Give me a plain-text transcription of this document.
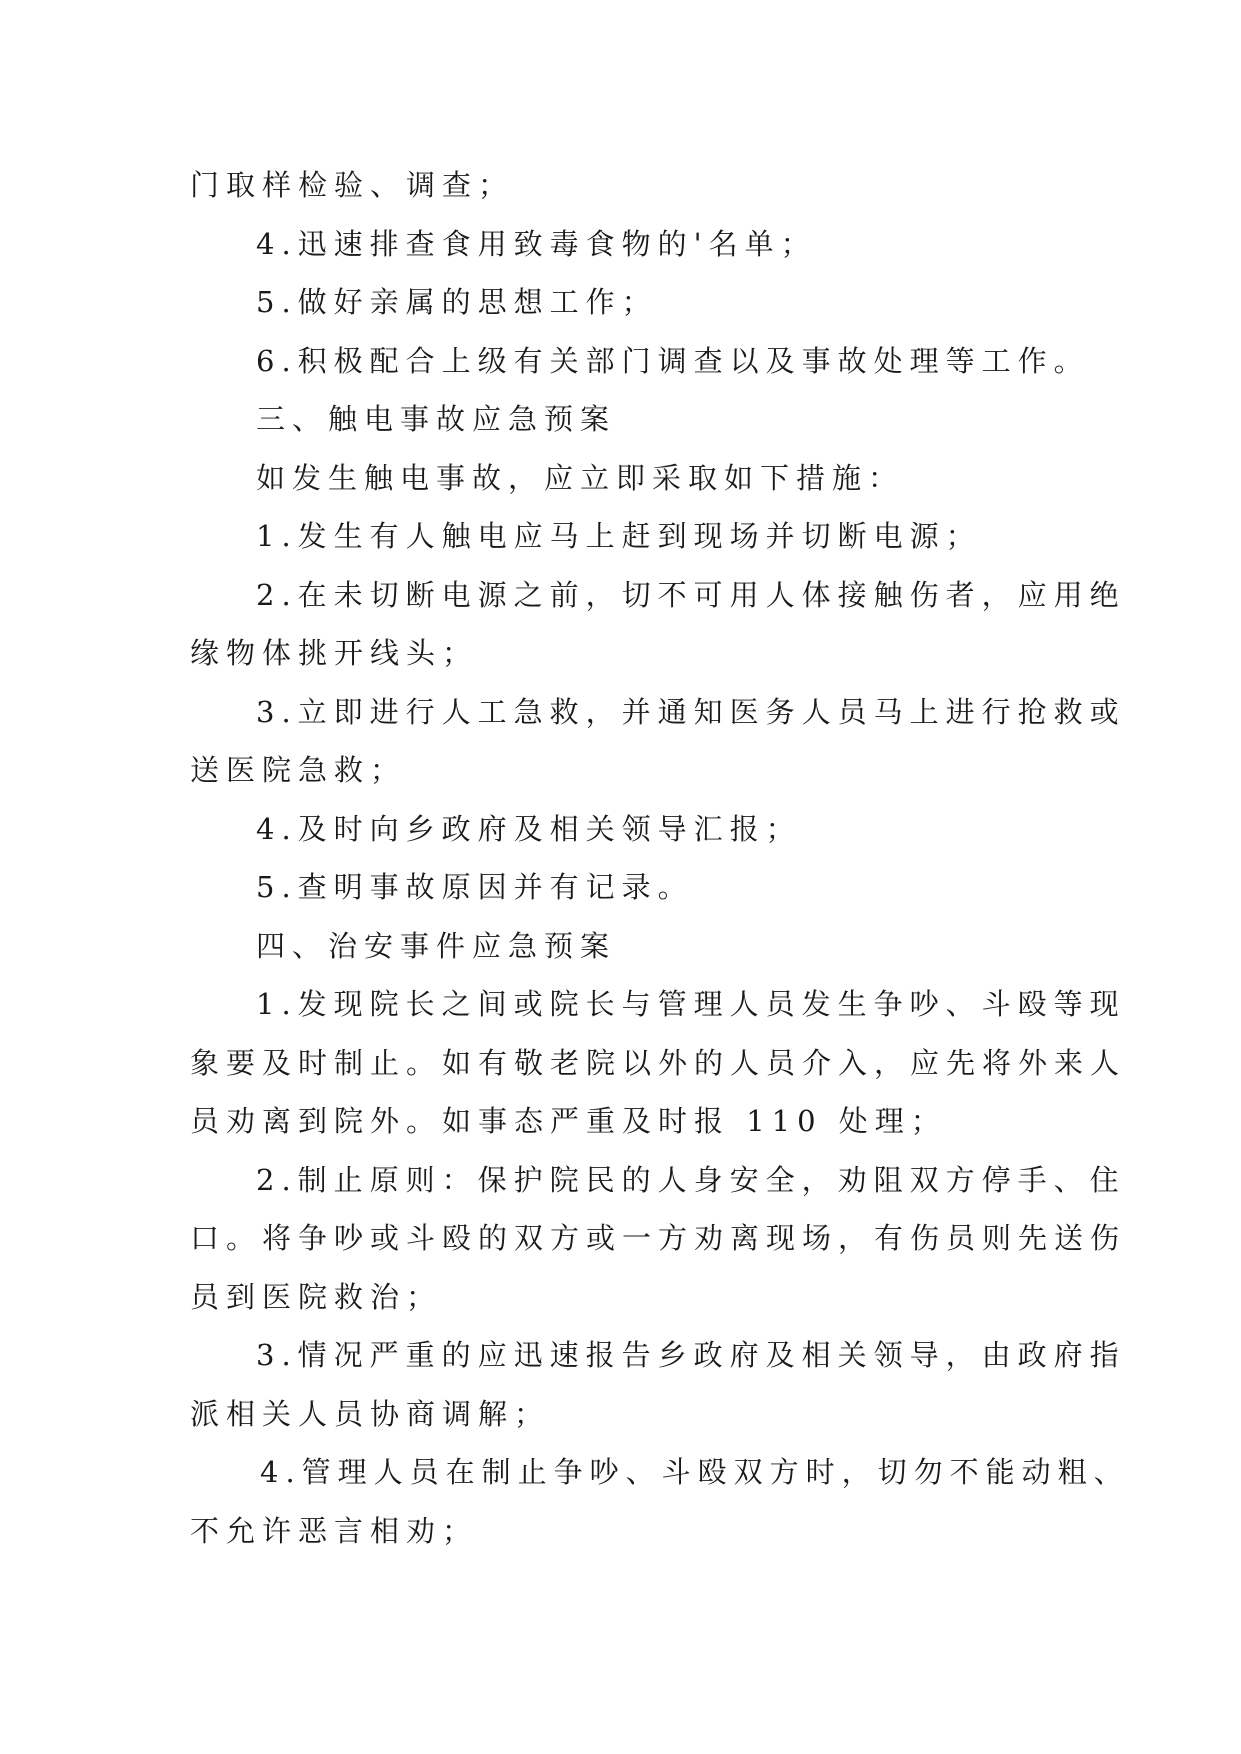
门取样检验、调查；
4.迅速排查食用致毒食物的'名单；
5.做好亲属的思想工作；
6.积极配合上级有关部门调查以及事故处理等工作。
三、触电事故应急预案
如发生触电事故，应立即采取如下措施：
1.发生有人触电应马上赶到现场并切断电源；
2.在未切断电源之前，切不可用人体接触伤者，应用绝
缘物体挑开线头；
3.立即进行人工急救，并通知医务人员马上进行抢救或
送医院急救；
4.及时向乡政府及相关领导汇报；
5.查明事故原因并有记录。
四、治安事件应急预案
1.发现院长之间或院长与管理人员发生争吵、斗殴等现
象要及时制止。如有敬老院以外的人员介入，应先将外来人
员劝离到院外。如事态严重及时报 110 处理；
2.制止原则：保护院民的人身安全，劝阻双方停手、住
口。将争吵或斗殴的双方或一方劝离现场，有伤员则先送伤
员到医院救治；
3.情况严重的应迅速报告乡政府及相关领导，由政府指
派相关人员协商调解；
4.管理人员在制止争吵、斗殴双方时，切勿不能动粗、
不允许恶言相劝；
